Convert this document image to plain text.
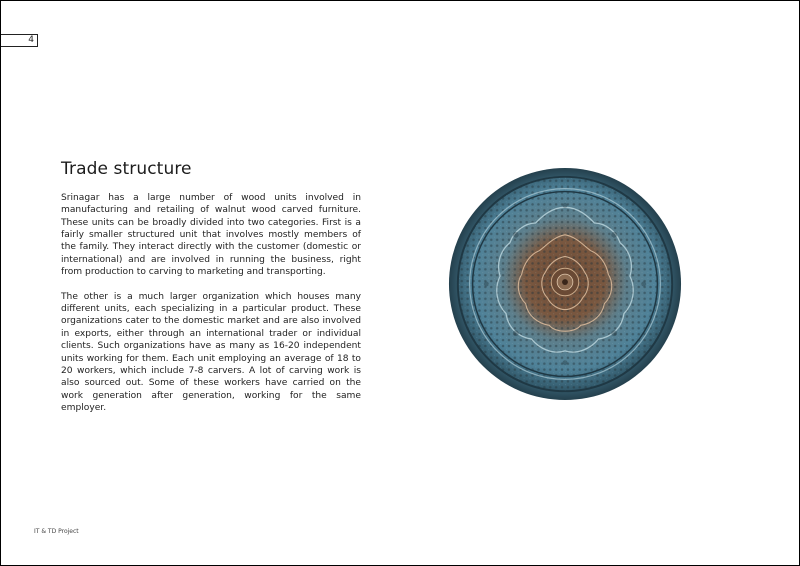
4
Trade structure

Srinagar has a large number of wood units involved in manufacturing and retailing of walnut wood carved furniture. These units can be broadly divided into two categories. First is a fairly smaller structured unit that involves mostly members of the family. They interact directly with the customer (domestic or international) and are involved in running the business, right from production to carving to marketing and transporting.

The other is a much larger organization which houses many different units, each specializing in a particular product. These organizations cater to the domestic market and are also involved in exports, either through an international trader or individual clients. Such organizations have as many as 16-20 independent units working for them. Each unit employing an average of 18 to 20 workers, which include 7-8 carvers. A lot of carving work is also sourced out. Some of these workers have carried on the work generation after generation, working for the same employer.

IT & TD Project
